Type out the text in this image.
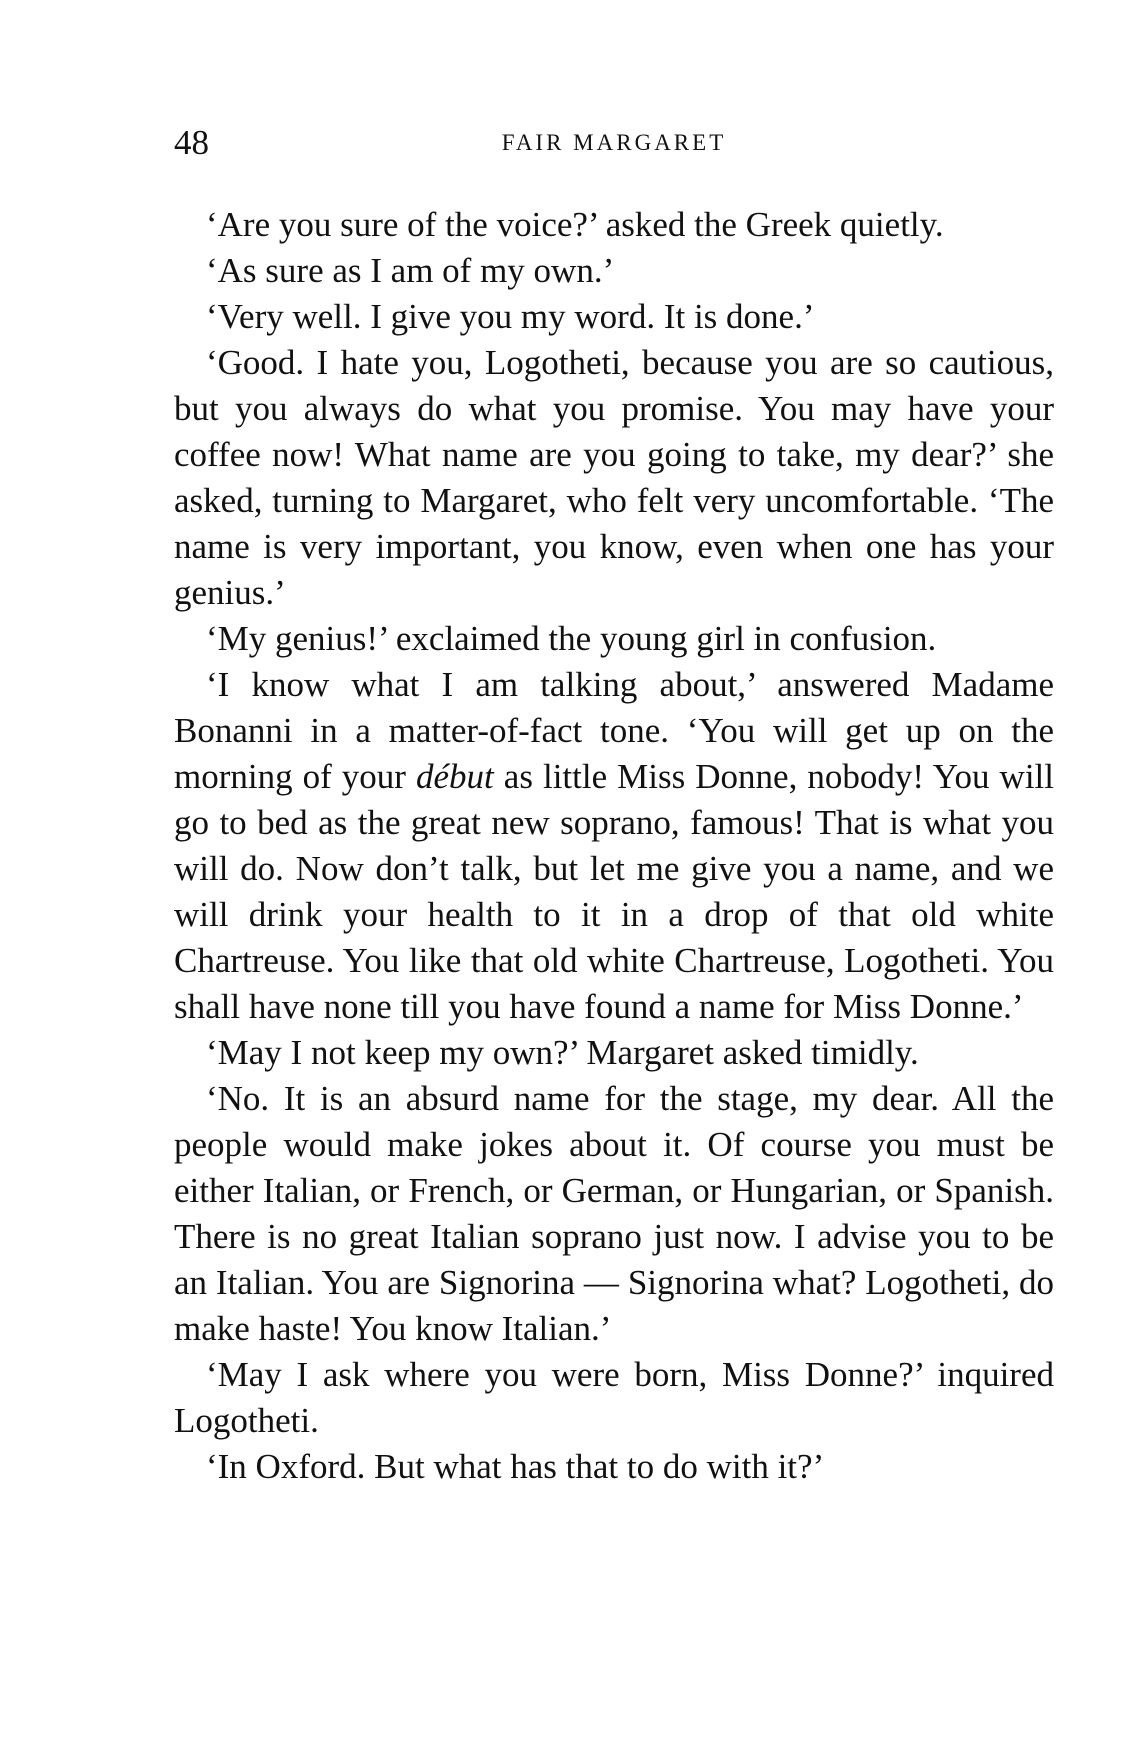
48	FAIR MARGARET

‘Are you sure of the voice?’ asked the Greek quietly.

‘As sure as I am of my own.’

‘Very well. I give you my word. It is done.’

‘Good. I hate you, Logotheti, because you are so cautious, but you always do what you promise. You may have your coffee now! What name are you going to take, my dear?’ she asked, turning to Margaret, who felt very uncomfortable. ‘The name is very important, you know, even when one has your genius.’

‘My genius!’ exclaimed the young girl in confusion.

‘I know what I am talking about,’ answered Madame Bonanni in a matter-of-fact tone. ‘You will get up on the morning of your début as little Miss Donne, nobody! You will go to bed as the great new soprano, famous! That is what you will do. Now don’t talk, but let me give you a name, and we will drink your health to it in a drop of that old white Chartreuse. You like that old white Chartreuse, Logotheti. You shall have none till you have found a name for Miss Donne.’

‘May I not keep my own?’ Margaret asked timidly.

‘No. It is an absurd name for the stage, my dear. All the people would make jokes about it. Of course you must be either Italian, or French, or German, or Hungarian, or Spanish. There is no great Italian soprano just now. I advise you to be an Italian. You are Signorina — Signorina what? Logotheti, do make haste! You know Italian.’

‘May I ask where you were born, Miss Donne?’ inquired Logotheti.

‘In Oxford. But what has that to do with it?’
